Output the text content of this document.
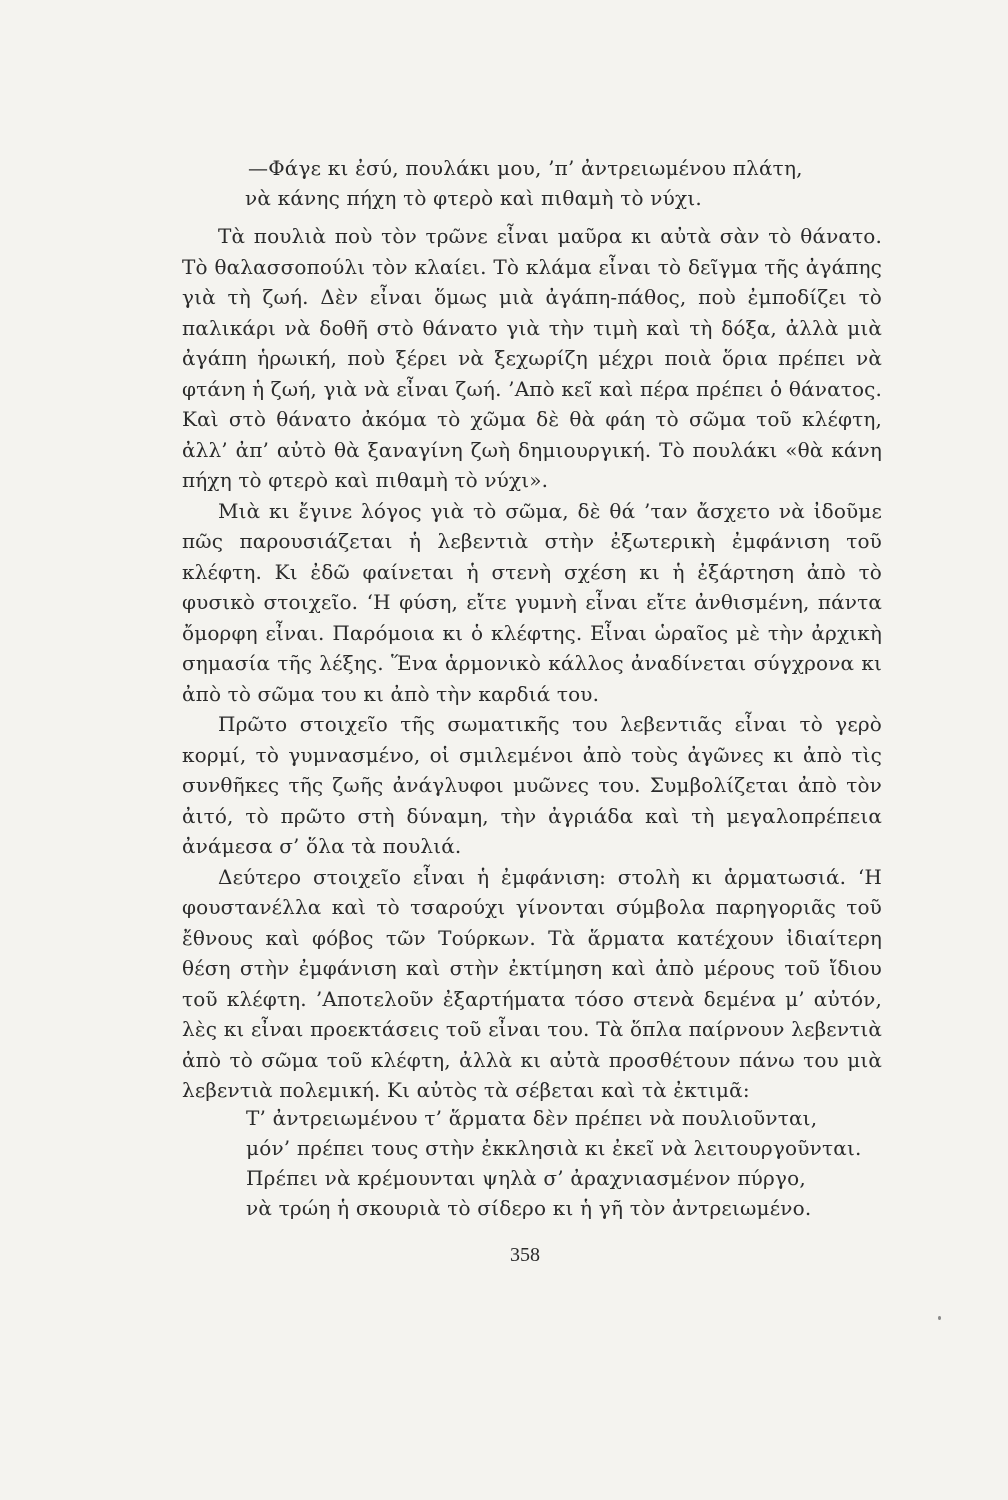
—Φάγε κι ἐσύ, πουλάκι μου, ’π’ ἀντρειωμένου πλάτη,
νὰ κάνης πήχη τὸ φτερὸ καὶ πιθαμὴ τὸ νύχι.

Τὰ πουλιὰ ποὺ τὸν τρῶνε εἶναι μαῦρα κι αὐτὰ σὰν τὸ θάνατο. Τὸ θαλασσοπούλι τὸν κλαίει. Τὸ κλάμα εἶναι τὸ δεῖγμα τῆς ἀγάπης γιὰ τὴ ζωή. Δὲν εἶναι ὅμως μιὰ ἀγάπη-πάθος, ποὺ ἐμποδίζει τὸ παλικάρι νὰ δοθῆ στὸ θάνατο γιὰ τὴν τιμὴ καὶ τὴ δόξα, ἀλλὰ μιὰ ἀγάπη ἡρωική, ποὺ ξέρει νὰ ξεχωρίζη μέχρι ποιὰ ὅρια πρέπει νὰ φτάνη ἡ ζωή, γιὰ νὰ εἶναι ζωή. ’Απὸ κεῖ καὶ πέρα πρέπει ὁ θάνατος. Καὶ στὸ θάνατο ἀκόμα τὸ χῶμα δὲ θὰ φάη τὸ σῶμα τοῦ κλέφτη, ἀλλ’ ἀπ’ αὐτὸ θὰ ξαναγίνη ζωὴ δημιουργική. Τὸ πουλάκι «θὰ κάνη πήχη τὸ φτερὸ καὶ πιθαμὴ τὸ νύχι».

Μιὰ κι ἔγινε λόγος γιὰ τὸ σῶμα, δὲ θά ’ταν ἄσχετο νὰ ἰδοῦμε πῶς παρουσιάζεται ἡ λεβεντιὰ στὴν ἐξωτερικὴ ἐμφάνιση τοῦ κλέφτη. Κι ἐδῶ φαίνεται ἡ στενὴ σχέση κι ἡ ἐξάρτηση ἀπὸ τὸ φυσικὸ στοιχεῖο. ‘Η φύση, εἴτε γυμνὴ εἶναι εἴτε ἀνθισμένη, πάντα ὄμορφη εἶναι. Παρόμοια κι ὁ κλέφτης. Εἶναι ὡραῖος μὲ τὴν ἀρχικὴ σημασία τῆς λέξης. Ἕνα ἁρμονικὸ κάλλος ἀναδίνεται σύγχρονα κι ἀπὸ τὸ σῶμα του κι ἀπὸ τὴν καρδιά του.

Πρῶτο στοιχεῖο τῆς σωματικῆς του λεβεντιᾶς εἶναι τὸ γερὸ κορμί, τὸ γυμνασμένο, οἱ σμιλεμένοι ἀπὸ τοὺς ἀγῶνες κι ἀπὸ τὶς συνθῆκες τῆς ζωῆς ἀνάγλυφοι μυῶνες του. Συμβολίζεται ἀπὸ τὸν ἀιτό, τὸ πρῶτο στὴ δύναμη, τὴν ἀγριάδα καὶ τὴ μεγαλοπρέπεια ἀνάμεσα σ’ ὅλα τὰ πουλιά.

Δεύτερο στοιχεῖο εἶναι ἡ ἐμφάνιση: στολὴ κι ἁρματωσιά. ‘Η φουστανέλλα καὶ τὸ τσαρούχι γίνονται σύμβολα παρηγοριᾶς τοῦ ἔθνους καὶ φόβος τῶν Τούρκων. Τὰ ἅρματα κατέχουν ἰδιαίτερη θέση στὴν ἐμφάνιση καὶ στὴν ἐκτίμηση καὶ ἀπὸ μέρους τοῦ ἴδιου τοῦ κλέφτη. ’Αποτελοῦν ἐξαρτήματα τόσο στενὰ δεμένα μ’ αὐτόν, λὲς κι εἶναι προεκτάσεις τοῦ εἶναι του. Τὰ ὅπλα παίρνουν λεβεντιὰ ἀπὸ τὸ σῶμα τοῦ κλέφτη, ἀλλὰ κι αὐτὰ προσθέτουν πάνω του μιὰ λεβεντιὰ πολεμική. Κι αὐτὸς τὰ σέβεται καὶ τὰ ἐκτιμᾶ:

Τ’ ἀντρειωμένου τ’ ἅρματα δὲν πρέπει νὰ πουλιοῦνται,
μόν’ πρέπει τους στὴν ἐκκλησιὰ κι ἐκεῖ νὰ λειτουργοῦνται.
Πρέπει νὰ κρέμουνται ψηλὰ σ’ ἀραχνιασμένον πύργο,
νὰ τρώη ἡ σκουριὰ τὸ σίδερο κι ἡ γῆ τὸν ἀντρειωμένο.
358
